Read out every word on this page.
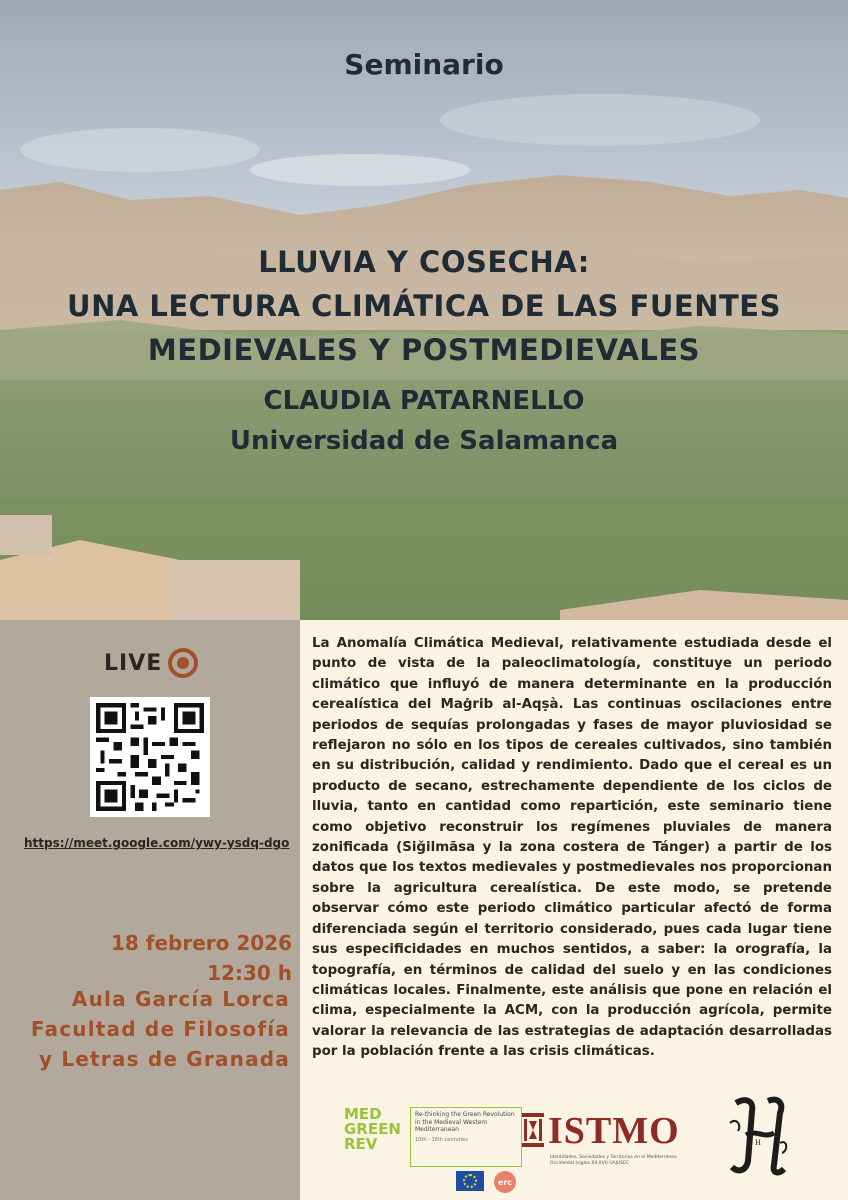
Seminario
LLUVIA Y COSECHA:
UNA LECTURA CLIMÁTICA DE LAS FUENTES
MEDIEVALES Y POSTMEDIEVALES
CLAUDIA PATARNELLO
Universidad de Salamanca
LIVE
https://meet.google.com/ywy-ysdq-dgo
18 febrero 2026
12:30 h
Aula García Lorca
Facultad de Filosofía
y Letras de Granada
La Anomalía Climática Medieval, relativamente estudiada desde el punto de vista de la paleoclimatología, constituye un periodo climático que influyó de manera determinante en la producción cerealística del Maġrib al-Aqṣà. Las continuas oscilaciones entre periodos de sequías prolongadas y fases de mayor pluviosidad se reflejaron no sólo en los tipos de cereales cultivados, sino también en su distribución, calidad y rendimiento. Dado que el cereal es un producto de secano, estrechamente dependiente de los ciclos de lluvia, tanto en cantidad como repartición, este seminario tiene como objetivo reconstruir los regímenes pluviales de manera zonificada (Siǧilmāsa y la zona costera de Tánger) a partir de los datos que los textos medievales y postmedievales nos proporcionan sobre la agricultura cerealística. De este modo, se pretende observar cómo este periodo climático particular afectó de forma diferenciada según el territorio considerado, pues cada lugar tiene sus especificidades en muchos sentidos, a saber: la orografía, la topografía, en términos de calidad del suelo y en las condiciones climáticas locales. Finalmente, este análisis que pone en relación el clima, especialmente la ACM, con la producción agrícola, permite valorar la relevancia de las estrategias de adaptación desarrolladas por la población frente a las crisis climáticas.
MED
GREEN
REV
Re-thinking the Green Revolution in the Medieval Western Mediterranean
10th - 16th centuries
erc
ISTMO
Identidades, Sociedades y Territorios en el Mediterráneo Occidental (siglos XII-XVI) UAJUSEC
H
